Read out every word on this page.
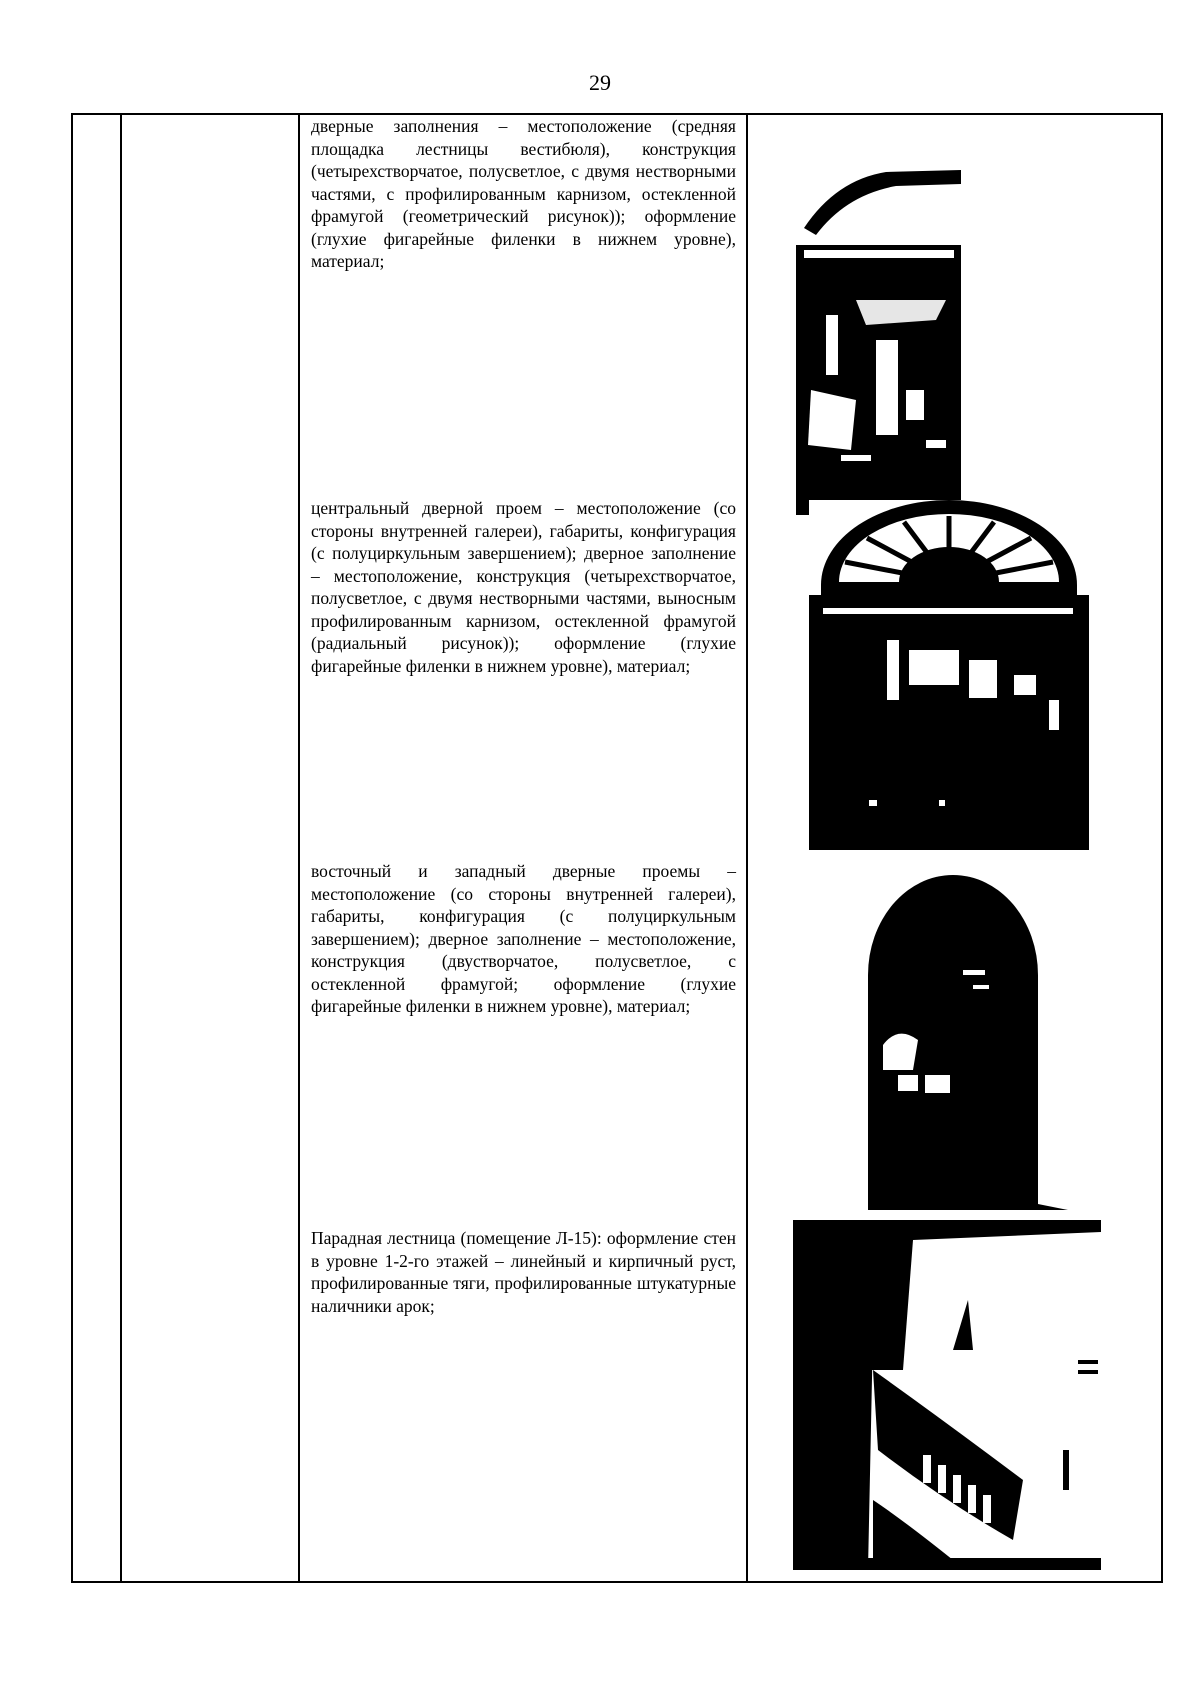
29
дверные заполнения – местоположение (средняя площадка лестницы вестибюля), конструкция (четырехстворчатое, полусветлое, с двумя нестворными частями, с профилированным карнизом, остекленной фрамугой (геометрический рисунок)); оформление (глухие фигарейные филенки в нижнем уровне), материал;
центральный дверной проем – местоположение (со стороны внутренней галереи), габариты, конфигурация (с полуциркульным завершением); дверное заполнение – местоположение, конструкция (четырехстворчатое, полусветлое, с двумя нестворными частями, выносным профилированным карнизом, остекленной фрамугой (радиальный рисунок)); оформление (глухие фигарейные филенки в нижнем уровне), материал;
восточный и западный дверные проемы – местоположение (со стороны внутренней галереи), габариты, конфигурация (с полуциркульным завершением); дверное заполнение – местоположение, конструкция (двустворчатое, полусветлое, с остекленной фрамугой; оформление (глухие фигарейные филенки в нижнем уровне), материал;
Парадная лестница (помещение Л-15): оформление стен в уровне 1-2-го этажей – линейный и кирпичный руст, профилированные тяги, профилированные штукатурные наличники арок;
